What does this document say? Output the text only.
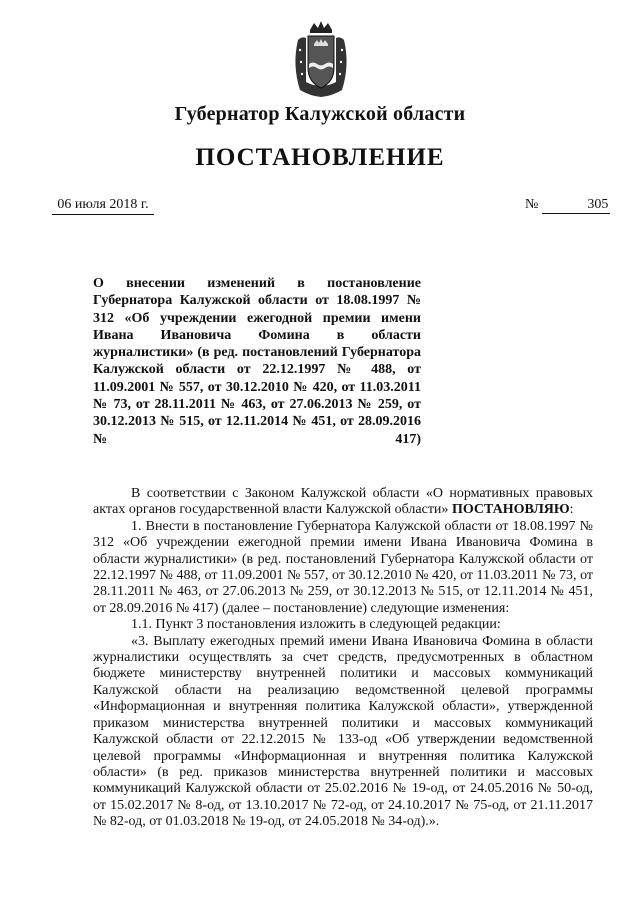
Губернатор Калужской области
ПОСТАНОВЛЕНИЕ
06 июля 2018 г.	№	305
О внесении изменений в постановление Губернатора Калужской области от 18.08.1997 № 312 «Об учреждении ежегодной премии имени Ивана Ивановича Фомина в области журналистики» (в ред. постановлений Губернатора Калужской области от 22.12.1997 № 488, от 11.09.2001 № 557, от 30.12.2010 № 420, от 11.03.2011 № 73, от 28.11.2011 № 463, от 27.06.2013 № 259, от 30.12.2013 № 515, от 12.11.2014 № 451, от 28.09.2016 № 417)

В соответствии с Законом Калужской области «О нормативных правовых актах органов государственной власти Калужской области» ПОСТАНОВЛЯЮ:

1. Внести в постановление Губернатора Калужской области от 18.08.1997 № 312 «Об учреждении ежегодной премии имени Ивана Ивановича Фомина в области журналистики» (в ред. постановлений Губернатора Калужской области от 22.12.1997 № 488, от 11.09.2001 № 557, от 30.12.2010 № 420, от 11.03.2011 № 73, от 28.11.2011 № 463, от 27.06.2013 № 259, от 30.12.2013 № 515, от 12.11.2014 № 451, от 28.09.2016 № 417) (далее – постановление) следующие изменения:

1.1. Пункт 3 постановления изложить в следующей редакции:

«3. Выплату ежегодных премий имени Ивана Ивановича Фомина в области журналистики осуществлять за счет средств, предусмотренных в областном бюджете министерству внутренней политики и массовых коммуникаций Калужской области на реализацию ведомственной целевой программы «Информационная и внутренняя политика Калужской области», утвержденной приказом министерства внутренней политики и массовых коммуникаций Калужской области от 22.12.2015 № 133-од «Об утверждении ведомственной целевой программы «Информационная и внутренняя политика Калужской области» (в ред. приказов министерства внутренней политики и массовых коммуникаций Калужской области от 25.02.2016 № 19-од, от 24.05.2016 № 50-од, от 15.02.2017 № 8-од, от 13.10.2017 № 72-од, от 24.10.2017 № 75-од, от 21.11.2017 № 82-од, от 01.03.2018 № 19-од, от 24.05.2018 № 34-од).».
